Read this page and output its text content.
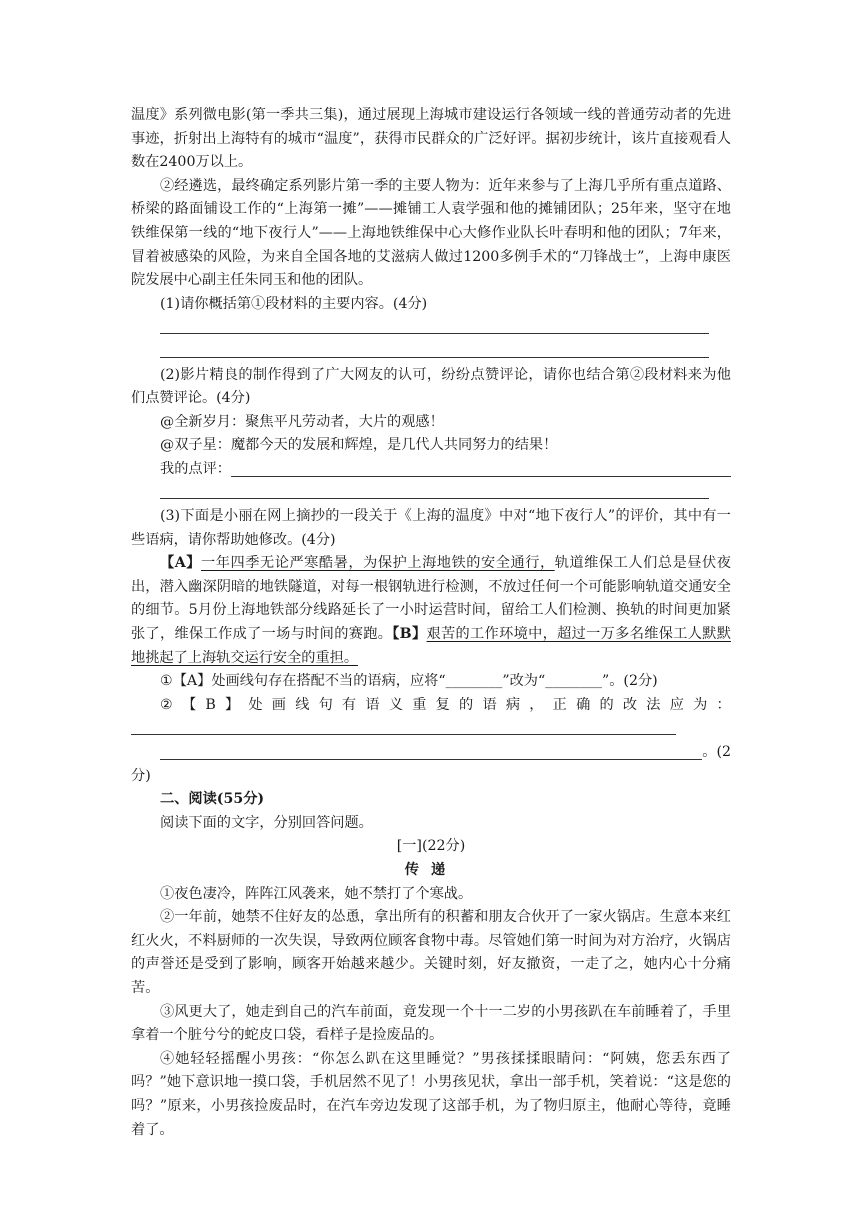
温度》系列微电影(第一季共三集)，通过展现上海城市建设运行各领域一线的普通劳动者的先进事迹，折射出上海特有的城市“温度”，获得市民群众的广泛好评。据初步统计，该片直接观看人数在2400万以上。

②经遴选，最终确定系列影片第一季的主要人物为：近年来参与了上海几乎所有重点道路、桥梁的路面铺设工作的“上海第一摊”——摊铺工人袁学强和他的摊铺团队；25年来，坚守在地铁维保第一线的“地下夜行人”——上海地铁维保中心大修作业队长叶春明和他的团队；7年来，冒着被感染的风险，为来自全国各地的艾滋病人做过1200多例手术的“刀锋战士”，上海申康医院发展中心副主任朱同玉和他的团队。

(1)请你概括第①段材料的主要内容。(4分)

(2)影片精良的制作得到了广大网友的认可，纷纷点赞评论，请你也结合第②段材料来为他们点赞评论。(4分)

@全新岁月：聚焦平凡劳动者，大片的观感！

@双子星：魔都今天的发展和辉煌，是几代人共同努力的结果！

我的点评：

(3)下面是小丽在网上摘抄的一段关于《上海的温度》中对“地下夜行人”的评价，其中有一些语病，请你帮助她修改。(4分)

【A】一年四季无论严寒酷暑，为保护上海地铁的安全通行，轨道维保工人们总是昼伏夜出，潜入幽深阴暗的地铁隧道，对每一根钢轨进行检测，不放过任何一个可能影响轨道交通安全的细节。5月份上海地铁部分线路延长了一小时运营时间，留给工人们检测、换轨的时间更加紧张了，维保工作成了一场与时间的赛跑。【B】艰苦的工作环境中，超过一万多名维保工人默默地挑起了上海轨交运行安全的重担。

①【A】处画线句存在搭配不当的语病，应将“________”改为“________”。(2分)

② 【 B 】 处 画 线 句 有 语 义 重 复 的 语 病 ， 正 确 的 改 法 应 为 ：
。(2

分)

二、阅读(55分)

阅读下面的文字，分别回答问题。

[一](22分)

传递

①夜色凄冷，阵阵江风袭来，她不禁打了个寒战。

②一年前，她禁不住好友的怂恿，拿出所有的积蓄和朋友合伙开了一家火锅店。生意本来红红火火，不料厨师的一次失误，导致两位顾客食物中毒。尽管她们第一时间为对方治疗，火锅店的声誉还是受到了影响，顾客开始越来越少。关键时刻，好友撤资，一走了之，她内心十分痛苦。

③风更大了，她走到自己的汽车前面，竟发现一个十一二岁的小男孩趴在车前睡着了，手里拿着一个脏兮兮的蛇皮口袋，看样子是捡废品的。

④她轻轻摇醒小男孩：“你怎么趴在这里睡觉？”男孩揉揉眼睛问：“阿姨，您丢东西了吗？”她下意识地一摸口袋，手机居然不见了！小男孩见状，拿出一部手机，笑着说：“这是您的吗？”原来，小男孩捡废品时，在汽车旁边发现了这部手机，为了物归原主，他耐心等待，竟睡着了。
